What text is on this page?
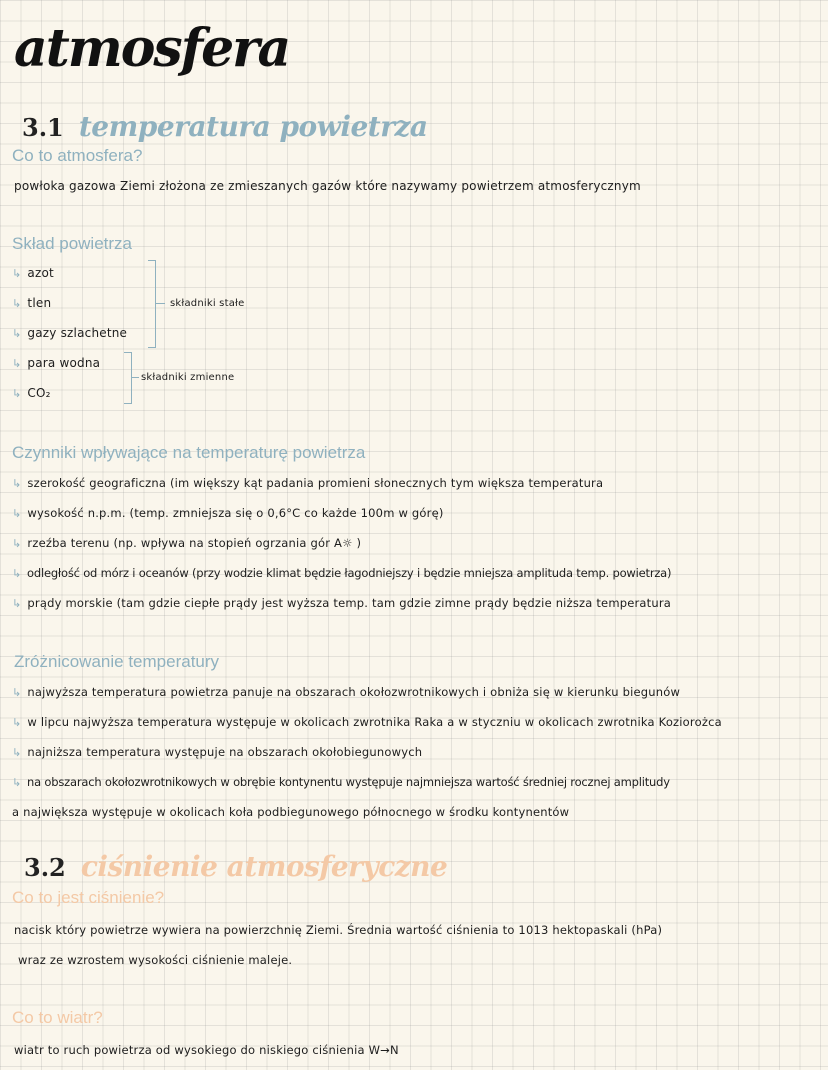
atmosfera
3.1 temperatura powietrza
Co to atmosfera?
powłoka gazowa Ziemi złożona ze zmieszanych gazów które nazywamy powietrzem atmosferycznym
Skład powietrza
↳ azot
↳ tlen
↳ gazy szlachetne
składniki stałe
↳ para wodna
↳ CO₂
składniki zmienne
Czynniki wpływające na temperaturę powietrza
↳ szerokość geograficzna (im większy kąt padania promieni słonecznych tym większa temperatura
↳ wysokość n.p.m. (temp. zmniejsza się o 0,6°C co każde 100m w górę)
↳ rzeźba terenu (np. wpływa na stopień ogrzania gór A☼ )
↳ odległość od mórz i oceanów (przy wodzie klimat będzie łagodniejszy i będzie mniejsza amplituda temp. powietrza)
↳ prądy morskie (tam gdzie ciepłe prądy jest wyższa temp. tam gdzie zimne prądy będzie niższa temperatura
Zróżnicowanie temperatury
↳ najwyższa temperatura powietrza panuje na obszarach okołozwrotnikowych i obniża się w kierunku biegunów
↳ w lipcu najwyższa temperatura występuje w okolicach zwrotnika Raka a w styczniu w okolicach zwrotnika Koziorożca
↳ najniższa temperatura występuje na obszarach okołobiegunowych
↳ na obszarach okołozwrotnikowych w obrębie kontynentu występuje najmniejsza wartość średniej rocznej amplitudy
a największa występuje w okolicach koła podbiegunowego północnego w środku kontynentów
3.2 ciśnienie atmosferyczne
Co to jest ciśnienie?
nacisk który powietrze wywiera na powierzchnię Ziemi. Średnia wartość ciśnienia to 1013 hektopaskali (hPa)
wraz ze wzrostem wysokości ciśnienie maleje.
Co to wiatr?
wiatr to ruch powietrza od wysokiego do niskiego ciśnienia W→N
